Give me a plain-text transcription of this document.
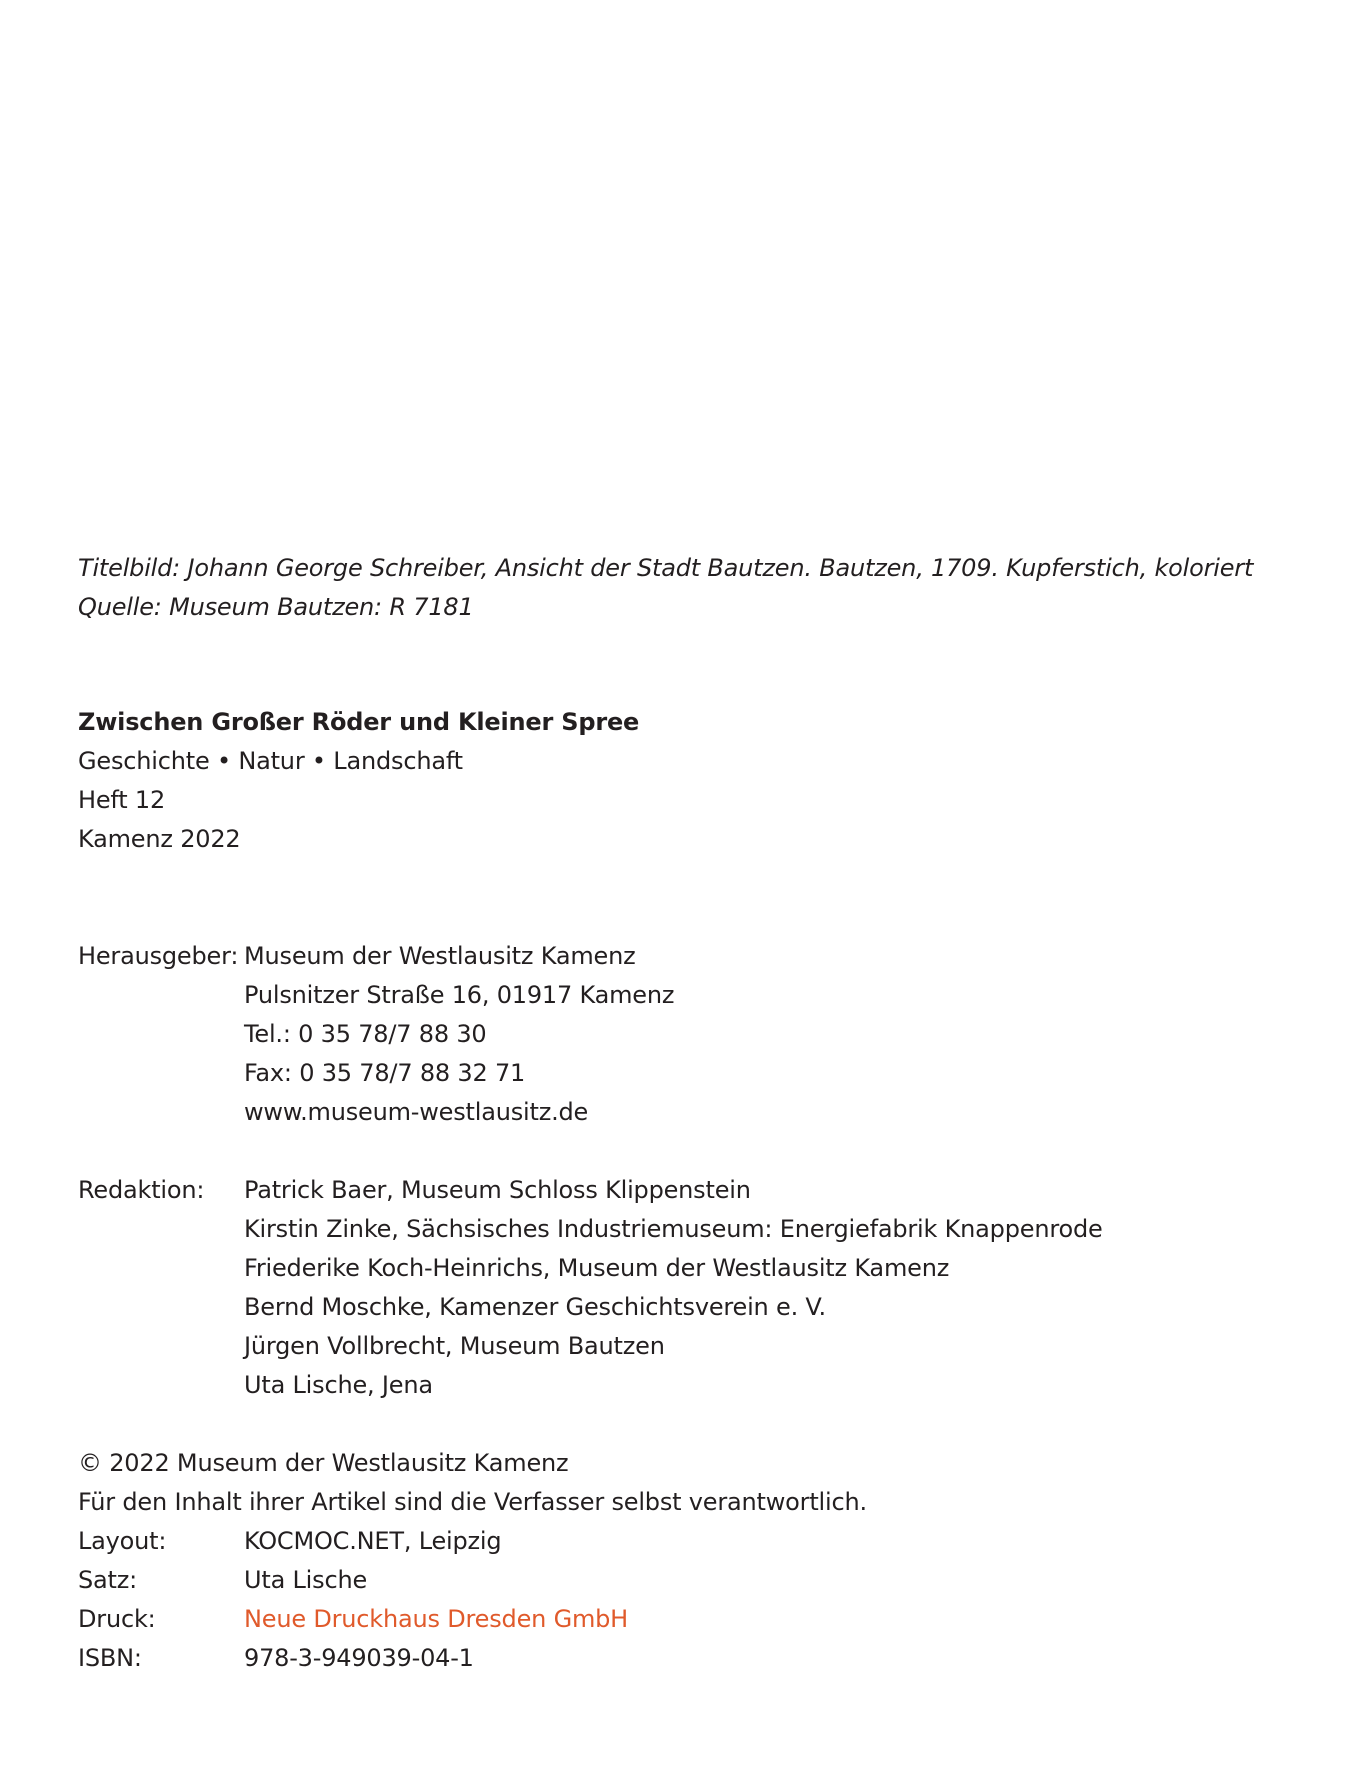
Titelbild: Johann George Schreiber, Ansicht der Stadt Bautzen. Bautzen, 1709. Kupferstich, koloriert
Quelle: Museum Bautzen: R 7181
Zwischen Großer Röder und Kleiner Spree
Geschichte • Natur • Landschaft
Heft 12
Kamenz 2022
Herausgeber: Museum der Westlausitz Kamenz
Pulsnitzer Straße 16, 01917 Kamenz
Tel.: 0 35 78/7 88 30
Fax: 0 35 78/7 88 32 71
www.museum-westlausitz.de
Redaktion:	Patrick Baer, Museum Schloss Klippenstein
Kirstin Zinke, Sächsisches Industriemuseum: Energiefabrik Knappenrode
Friederike Koch-Heinrichs, Museum der Westlausitz Kamenz
Bernd Moschke, Kamenzer Geschichtsverein e. V.
Jürgen Vollbrecht, Museum Bautzen
Uta Lische, Jena
© 2022 Museum der Westlausitz Kamenz
Für den Inhalt ihrer Artikel sind die Verfasser selbst verantwortlich.
Layout:	KOCMOC.NET, Leipzig
Satz:	Uta Lische
Druck:	Neue Druckhaus Dresden GmbH
ISBN:	978-3-949039-04-1
